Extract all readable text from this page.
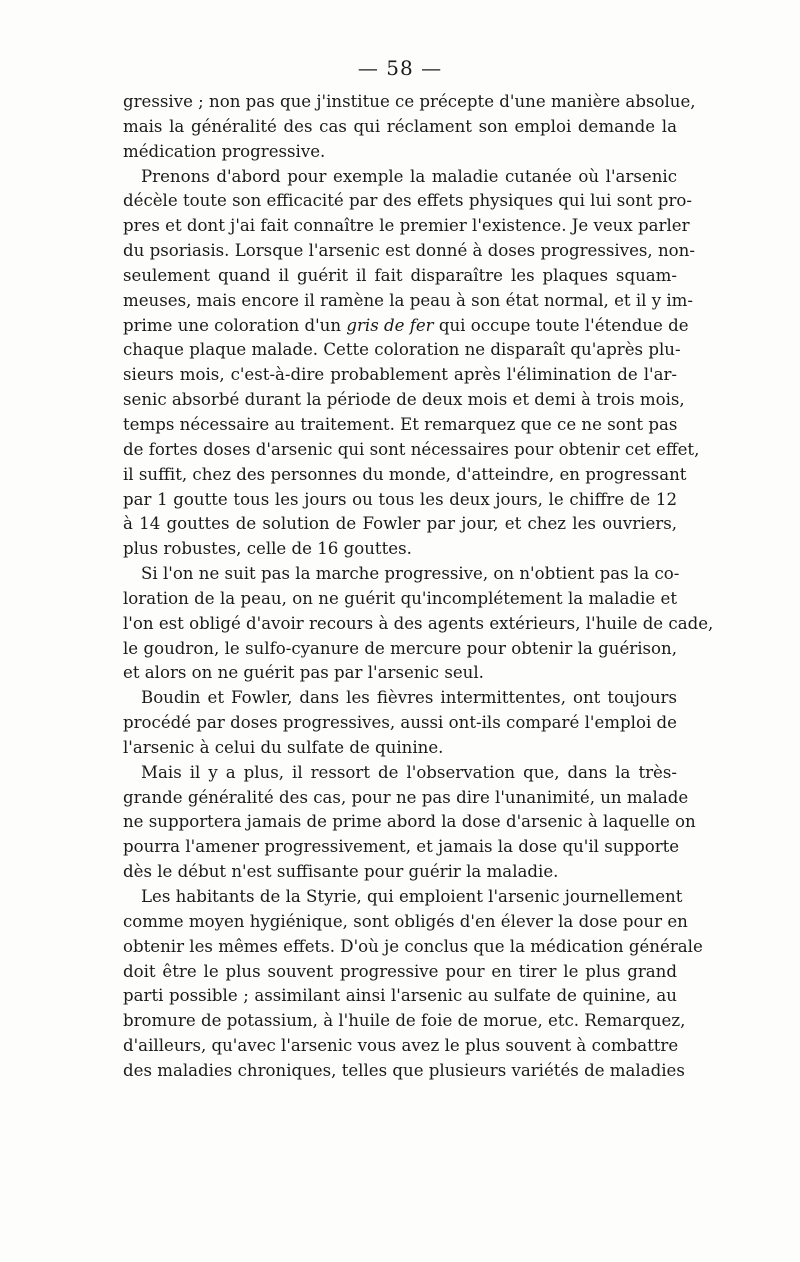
— 58 —
gressive ; non pas que j'institue ce précepte d'une manière absolue,
mais la généralité des cas qui réclament son emploi demande la
médication progressive.
Prenons d'abord pour exemple la maladie cutanée où l'arsenic
décèle toute son efficacité par des effets physiques qui lui sont pro-
pres et dont j'ai fait connaître le premier l'existence. Je veux parler
du psoriasis. Lorsque l'arsenic est donné à doses progressives, non-
seulement quand il guérit il fait disparaître les plaques squam-
meuses, mais encore il ramène la peau à son état normal, et il y im-
prime une coloration d'un gris de fer qui occupe toute l'étendue de
chaque plaque malade. Cette coloration ne disparaît qu'après plu-
sieurs mois, c'est-à-dire probablement après l'élimination de l'ar-
senic absorbé durant la période de deux mois et demi à trois mois,
temps nécessaire au traitement. Et remarquez que ce ne sont pas
de fortes doses d'arsenic qui sont nécessaires pour obtenir cet effet,
il suffit, chez des personnes du monde, d'atteindre, en progressant
par 1 goutte tous les jours ou tous les deux jours, le chiffre de 12
à 14 gouttes de solution de Fowler par jour, et chez les ouvriers,
plus robustes, celle de 16 gouttes.
Si l'on ne suit pas la marche progressive, on n'obtient pas la co-
loration de la peau, on ne guérit qu'incomplétement la maladie et
l'on est obligé d'avoir recours à des agents extérieurs, l'huile de cade,
le goudron, le sulfo-cyanure de mercure pour obtenir la guérison,
et alors on ne guérit pas par l'arsenic seul.
Boudin et Fowler, dans les fièvres intermittentes, ont toujours
procédé par doses progressives, aussi ont-ils comparé l'emploi de
l'arsenic à celui du sulfate de quinine.
Mais il y a plus, il ressort de l'observation que, dans la très-
grande généralité des cas, pour ne pas dire l'unanimité, un malade
ne supportera jamais de prime abord la dose d'arsenic à laquelle on
pourra l'amener progressivement, et jamais la dose qu'il supporte
dès le début n'est suffisante pour guérir la maladie.
Les habitants de la Styrie, qui emploient l'arsenic journellement
comme moyen hygiénique, sont obligés d'en élever la dose pour en
obtenir les mêmes effets. D'où je conclus que la médication générale
doit être le plus souvent progressive pour en tirer le plus grand
parti possible ; assimilant ainsi l'arsenic au sulfate de quinine, au
bromure de potassium, à l'huile de foie de morue, etc. Remarquez,
d'ailleurs, qu'avec l'arsenic vous avez le plus souvent à combattre
des maladies chroniques, telles que plusieurs variétés de maladies
